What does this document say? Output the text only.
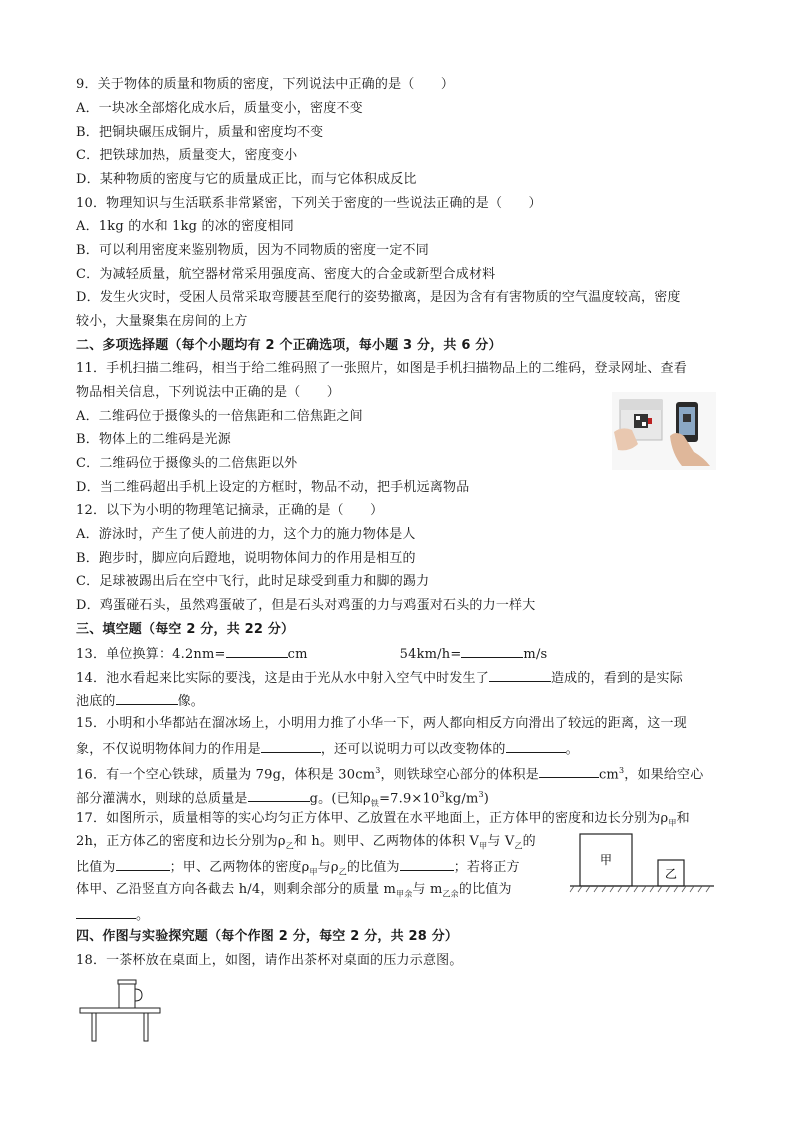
9．关于物体的质量和物质的密度，下列说法中正确的是（　　）
A．一块冰全部熔化成水后，质量变小，密度不变
B．把铜块碾压成铜片，质量和密度均不变
C．把铁球加热，质量变大，密度变小
D．某种物质的密度与它的质量成正比，而与它体积成反比
10．物理知识与生活联系非常紧密，下列关于密度的一些说法正确的是（　　）
A．1kg 的水和 1kg 的冰的密度相同
B．可以利用密度来鉴别物质，因为不同物质的密度一定不同
C．为减轻质量，航空器材常采用强度高、密度大的合金或新型合成材料
D．发生火灾时，受困人员常采取弯腰甚至爬行的姿势撤离，是因为含有有害物质的空气温度较高，密度
较小，大量聚集在房间的上方
二、多项选择题（每个小题均有 2 个正确选项，每小题 3 分，共 6 分）
11．手机扫描二维码，相当于给二维码照了一张照片，如图是手机扫描物品上的二维码，登录网址、查看
物品相关信息，下列说法中正确的是（　　）
A．二维码位于摄像头的一倍焦距和二倍焦距之间
B．物体上的二维码是光源
C．二维码位于摄像头的二倍焦距以外
D．当二维码超出手机上设定的方框时，物品不动，把手机远离物品
12．以下为小明的物理笔记摘录，正确的是（　　）
A．游泳时，产生了使人前进的力，这个力的施力物体是人
B．跑步时，脚应向后蹬地，说明物体间力的作用是相互的
C．足球被踢出后在空中飞行，此时足球受到重力和脚的踢力
D．鸡蛋碰石头，虽然鸡蛋破了，但是石头对鸡蛋的力与鸡蛋对石头的力一样大
三、填空题（每空 2 分，共 22 分）
13．单位换算：4.2nm=	cm	54km/h=	m/s
14．池水看起来比实际的要浅，这是由于光从水中射入空气中时发生了	造成的，看到的是实际
池底的	像。
15．小明和小华都站在溜冰场上，小明用力推了小华一下，两人都向相反方向滑出了较远的距离，这一现
象，不仅说明物体间力的作用是	，还可以说明力可以改变物体的	。
16．有一个空心铁球，质量为 79g，体积是 $30cm^3$，则铁球空心部分的体积是	$cm^3$，如果给空心
部分灌满水，则球的总质量是	g。(已知$\rho_铁=7.9\times 10^3kg/m^3$)
17．如图所示，质量相等的实心均匀正方体甲、乙放置在水平地面上，正方体甲的密度和边长分别为$\rho_甲$和
2h，正方体乙的密度和边长分别为$\rho_乙$和 h。则甲、乙两物体的体积 $V_甲$与 $V_乙$的
比值为	；甲、乙两物体的密度$\rho_甲$与$\rho_乙$的比值为	；若将正方
体甲、乙沿竖直方向各截去 h/4，则剩余部分的质量 $m_{甲余}$与 $m_{乙余}$的比值为
。
甲
乙
四、作图与实验探究题（每个作图 2 分，每空 2 分，共 28 分）
18．一茶杯放在桌面上，如图，请作出茶杯对桌面的压力示意图。
